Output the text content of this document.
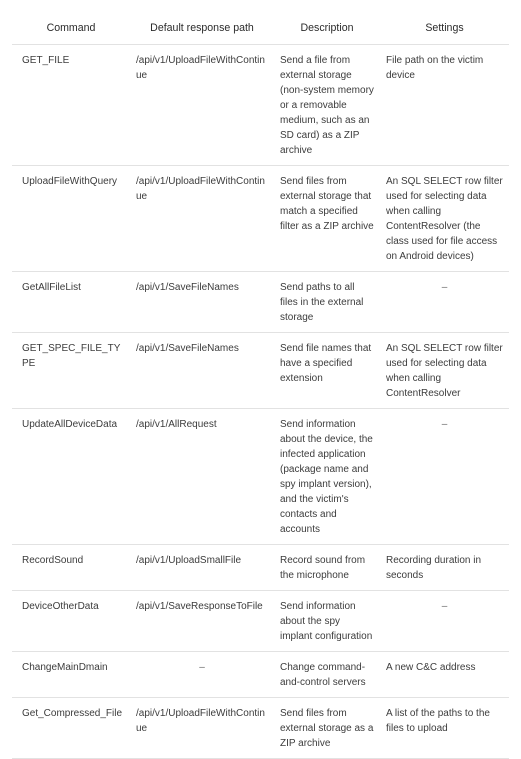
Command	Default response path	Description	Settings
GET_FILE	/api/v1/UploadFileWithContinue	Send a file from external storage (non-system memory or a removable medium, such as an SD card) as a ZIP archive	File path on the victim device
UploadFileWithQuery	/api/v1/UploadFileWithContinue	Send files from external storage that match a specified filter as a ZIP archive	An SQL SELECT row filter used for selecting data when calling ContentResolver (the class used for file access on Android devices)
GetAllFileList	/api/v1/SaveFileNames	Send paths to all files in the external storage	–
GET_SPEC_FILE_TYPE	/api/v1/SaveFileNames	Send file names that have a specified extension	An SQL SELECT row filter used for selecting data when calling ContentResolver
UpdateAllDeviceData	/api/v1/AllRequest	Send information about the device, the infected application (package name and spy implant version), and the victim's contacts and accounts	–
RecordSound	/api/v1/UploadSmallFile	Record sound from the microphone	Recording duration in seconds
DeviceOtherData	/api/v1/SaveResponseToFile	Send information about the spy implant configuration	–
ChangeMainDmain	–	Change command-and-control servers	A new C&C address
Get_Compressed_File	/api/v1/UploadFileWithContinue	Send files from external storage as a ZIP archive	A list of the paths to the files to upload
